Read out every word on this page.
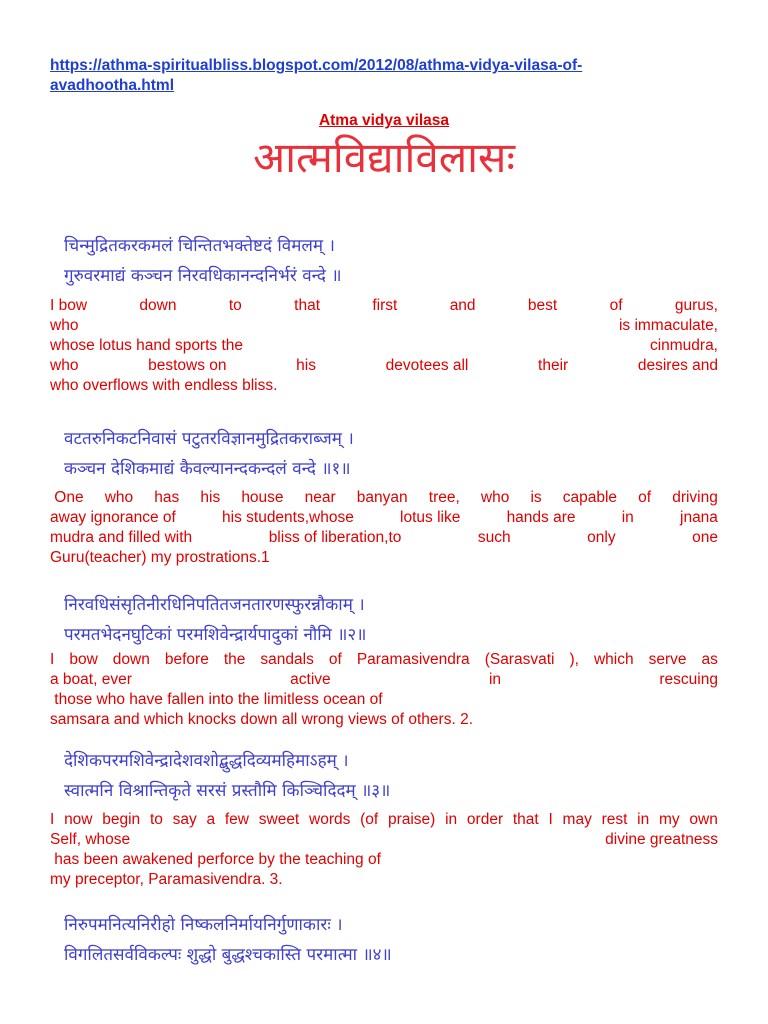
https://athma-spiritualbliss.blogspot.com/2012/08/athma-vidya-vilasa-of-
avadhootha.html
Atma vidya vilasa
आत्मविद्याविलासः
चिन्मुद्रितकरकमलं चिन्तितभक्तेष्टदं विमलम् ।
गुरुवरमाद्यं कञ्चन निरवधिकानन्दनिर्भरं वन्दे ॥
I bow	down	to	that	first	and	best	of	gurus,
who	is immaculate,
whose lotus hand sports the	cinmudra,
who	bestows on	his	devotees all	their	desires and
who overflows with endless bliss.
वटतरुनिकटनिवासं पटुतरविज्ञानमुद्रितकराब्जम् ।
कञ्चन देशिकमाद्यं कैवल्यानन्दकन्दलं वन्दे ॥१॥
One who has his house near banyan tree, who is capable of driving
away ignorance of	his students,whose	lotus like	hands are	in	jnana
mudra and filled with	bliss of liberation,to	such	only	one
Guru(teacher) my prostrations.1
निरवधिसंसृतिनीरधिनिपतितजनतारणस्फुरन्नौकाम् ।
परमतभेदनघुटिकां परमशिवेन्द्रार्यपादुकां नौमि ॥२॥
I bow down before the sandals of Paramasivendra (Sarasvati ), which serve as
a boat, ever	active	in	rescuing
those who have fallen into the limitless ocean of
samsara and which knocks down all wrong views of others. 2.
देशिकपरमशिवेन्द्रादेशवशोद्बुद्धदिव्यमहिमाऽहम् ।
स्वात्मनि विश्रान्तिकृते सरसं प्रस्तौमि किञ्चिदिदम् ॥३॥
I now begin to say a few sweet words (of praise) in order that I may rest in my own
Self, whose	divine greatness
has been awakened perforce by the teaching of
my preceptor, Paramasivendra. 3.
निरुपमनित्यनिरीहो निष्कलनिर्मायनिर्गुणाकारः ।
विगलितसर्वविकल्पः शुद्धो बुद्धश्चकास्ति परमात्मा ॥४॥
